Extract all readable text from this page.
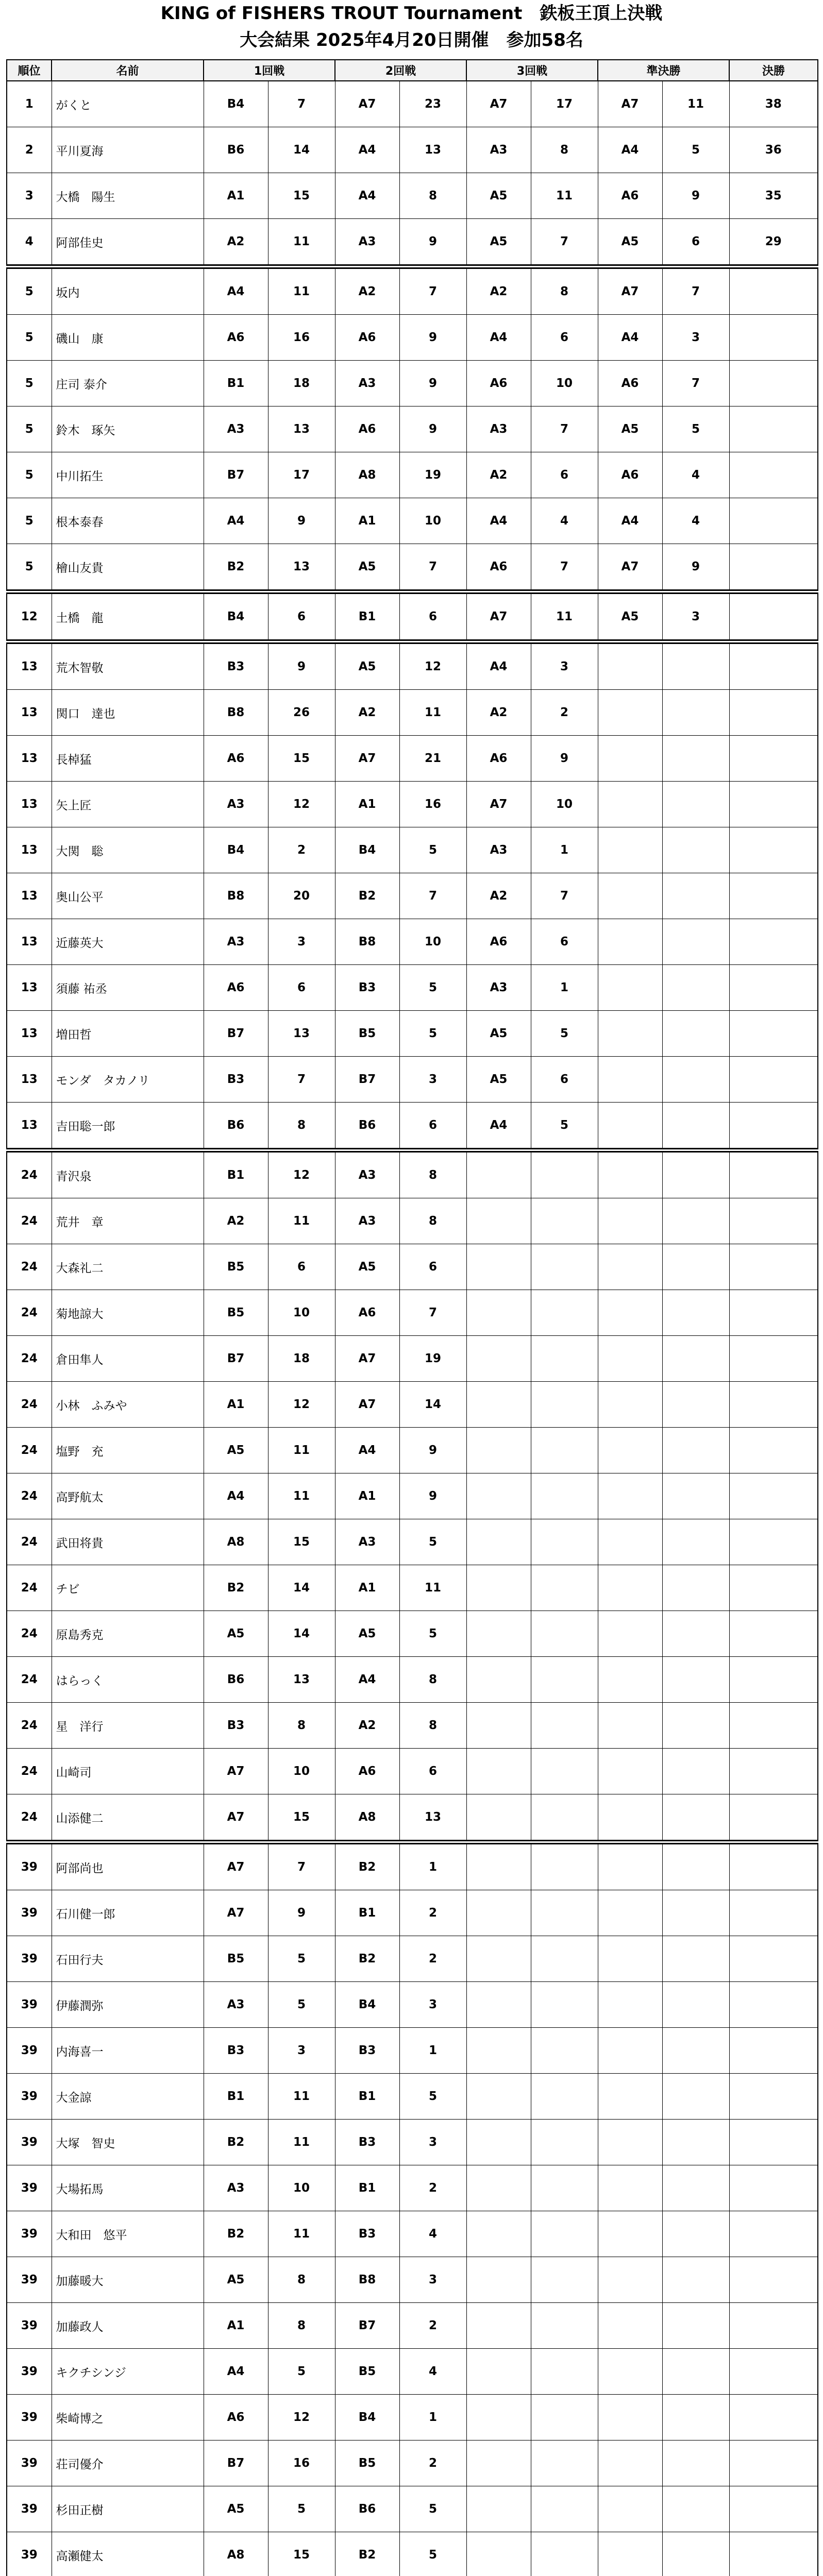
KING of FISHERS TROUT Tournament　鉄板王頂上決戦
大会結果 2025年4月20日開催　参加58名
順位	名前	1回戦		2回戦		3回戦		準決勝		決勝
1	がくと	B4	7	A7	23	A7	17	A7	11	38
2	平川夏海	B6	14	A4	13	A3	8	A4	5	36
3	大橋　陽生	A1	15	A4	8	A5	11	A6	9	35
4	阿部佳史	A2	11	A3	9	A5	7	A5	6	29
5	坂内	A4	11	A2	7	A2	8	A7	7	
5	磯山　康	A6	16	A6	9	A4	6	A4	3	
5	庄司 泰介	B1	18	A3	9	A6	10	A6	7	
5	鈴木　琢矢	A3	13	A6	9	A3	7	A5	5	
5	中川拓生	B7	17	A8	19	A2	6	A6	4	
5	根本泰春	A4	9	A1	10	A4	4	A4	4	
5	檜山友貴	B2	13	A5	7	A6	7	A7	9	
12	土橋　龍	B4	6	B1	6	A7	11	A5	3	
13	荒木智敬	B3	9	A5	12	A4	3			
13	関口　達也	B8	26	A2	11	A2	2			
13	長棹猛	A6	15	A7	21	A6	9			
13	矢上匠	A3	12	A1	16	A7	10			
13	大関　聡	B4	2	B4	5	A3	1			
13	奥山公平	B8	20	B2	7	A2	7			
13	近藤英大	A3	3	B8	10	A6	6			
13	須藤 祐丞	A6	6	B3	5	A3	1			
13	増田哲	B7	13	B5	5	A5	5			
13	モンダ　タカノリ	B3	7	B7	3	A5	6			
13	吉田聡一郎	B6	8	B6	6	A4	5			
24	青沢泉	B1	12	A3	8					
24	荒井　章	A2	11	A3	8					
24	大森礼二	B5	6	A5	6					
24	菊地諒大	B5	10	A6	7					
24	倉田隼人	B7	18	A7	19					
24	小林　ふみや	A1	12	A7	14					
24	塩野　充	A5	11	A4	9					
24	高野航太	A4	11	A1	9					
24	武田将貴	A8	15	A3	5					
24	チビ	B2	14	A1	11					
24	原島秀克	A5	14	A5	5					
24	はらっく	B6	13	A4	8					
24	星　洋行	B3	8	A2	8					
24	山崎司	A7	10	A6	6					
24	山添健二	A7	15	A8	13					
39	阿部尚也	A7	7	B2	1					
39	石川健一郎	A7	9	B1	2					
39	石田行夫	B5	5	B2	2					
39	伊藤潤弥	A3	5	B4	3					
39	内海喜一	B3	3	B3	1					
39	大金諒	B1	11	B1	5					
39	大塚　智史	B2	11	B3	3					
39	大場拓馬	A3	10	B1	2					
39	大和田　悠平	B2	11	B3	4					
39	加藤暖大	A5	8	B8	3					
39	加藤政人	A1	8	B7	2					
39	キクチシンジ	A4	5	B5	4					
39	柴崎博之	A6	12	B4	1					
39	荘司優介	B7	16	B5	2					
39	杉田正樹	A5	5	B6	5					
39	高瀬健太	A8	15	B2	5					
